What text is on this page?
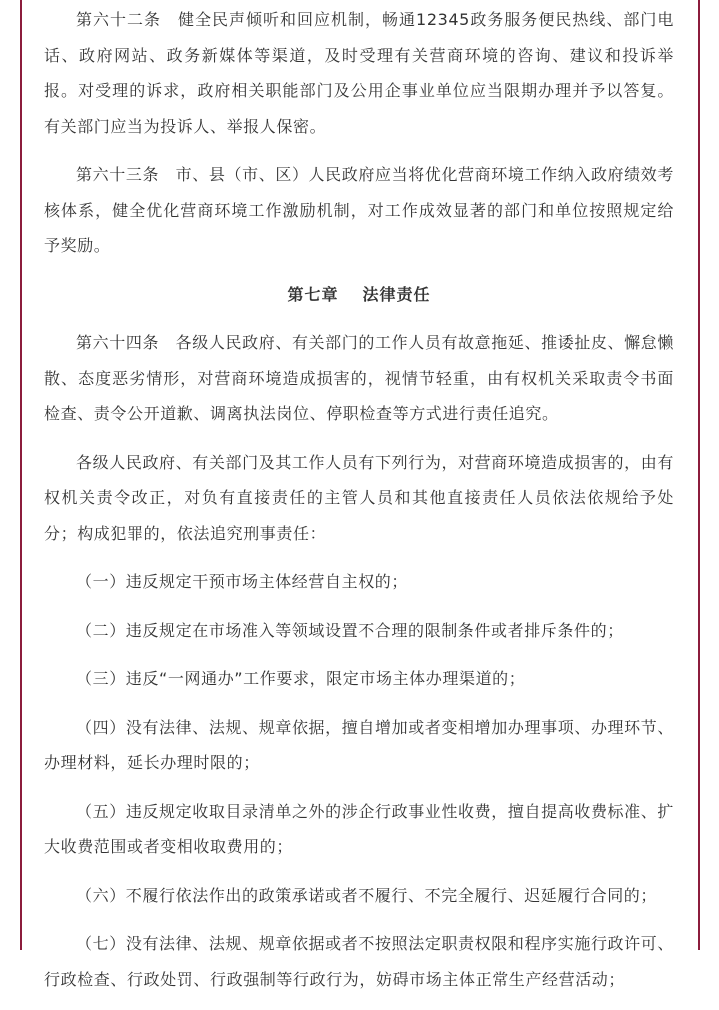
第六十二条　健全民声倾听和回应机制，畅通12345政务服务便民热线、部门电话、政府网站、政务新媒体等渠道，及时受理有关营商环境的咨询、建议和投诉举报。对受理的诉求，政府相关职能部门及公用企事业单位应当限期办理并予以答复。有关部门应当为投诉人、举报人保密。

第六十三条　市、县（市、区）人民政府应当将优化营商环境工作纳入政府绩效考核体系，健全优化营商环境工作激励机制，对工作成效显著的部门和单位按照规定给予奖励。

第七章 法律责任

第六十四条　各级人民政府、有关部门的工作人员有故意拖延、推诿扯皮、懈怠懒散、态度恶劣情形，对营商环境造成损害的，视情节轻重，由有权机关采取责令书面检查、责令公开道歉、调离执法岗位、停职检查等方式进行责任追究。

各级人民政府、有关部门及其工作人员有下列行为，对营商环境造成损害的，由有权机关责令改正，对负有直接责任的主管人员和其他直接责任人员依法依规给予处分；构成犯罪的，依法追究刑事责任：

（一）违反规定干预市场主体经营自主权的；

（二）违反规定在市场准入等领域设置不合理的限制条件或者排斥条件的；

（三）违反“一网通办”工作要求，限定市场主体办理渠道的；

（四）没有法律、法规、规章依据，擅自增加或者变相增加办理事项、办理环节、办理材料，延长办理时限的；

（五）违反规定收取目录清单之外的涉企行政事业性收费，擅自提高收费标准、扩大收费范围或者变相收取费用的；

（六）不履行依法作出的政策承诺或者不履行、不完全履行、迟延履行合同的；

（七）没有法律、法规、规章依据或者不按照法定职责权限和程序实施行政许可、行政检查、行政处罚、行政强制等行政行为，妨碍市场主体正常生产经营活动；
